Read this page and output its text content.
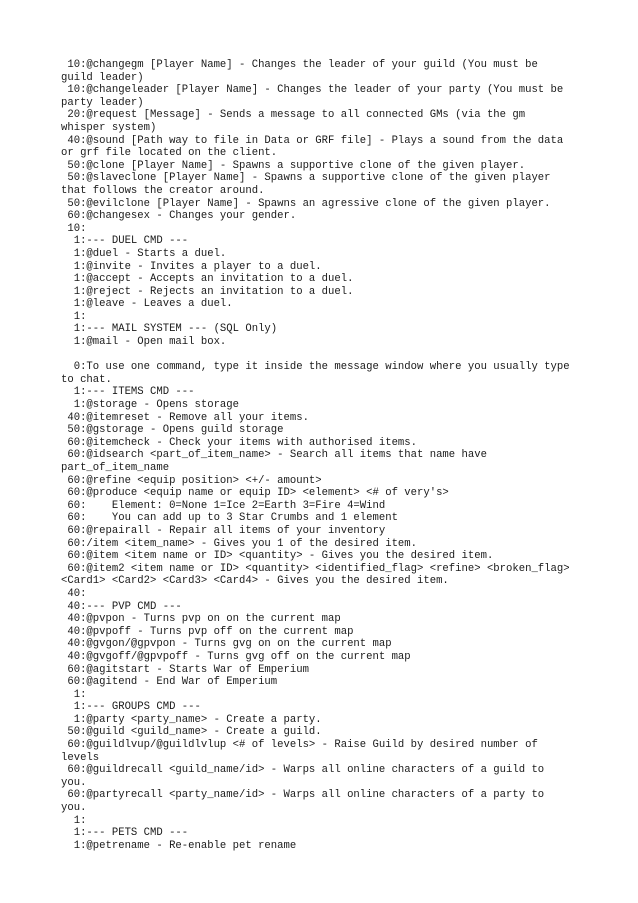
10:@changegm [Player Name] - Changes the leader of your guild (You must be
guild leader)
10:@changeleader [Player Name] - Changes the leader of your party (You must be
party leader)
20:@request [Message] - Sends a message to all connected GMs (via the gm
whisper system)
40:@sound [Path way to file in Data or GRF file] - Plays a sound from the data
or grf file located on the client.
50:@clone [Player Name] - Spawns a supportive clone of the given player.
50:@slaveclone [Player Name] - Spawns a supportive clone of the given player
that follows the creator around.
50:@evilclone [Player Name] - Spawns an agressive clone of the given player.
60:@changesex - Changes your gender.
10:
1:--- DUEL CMD ---
1:@duel - Starts a duel.
1:@invite - Invites a player to a duel.
1:@accept - Accepts an invitation to a duel.
1:@reject - Rejects an invitation to a duel.
1:@leave - Leaves a duel.
1:
1:--- MAIL SYSTEM --- (SQL Only)
1:@mail - Open mail box.
0:To use one command, type it inside the message window where you usually type
to chat.
1:--- ITEMS CMD ---
1:@storage - Opens storage
40:@itemreset - Remove all your items.
50:@gstorage - Opens guild storage
60:@itemcheck - Check your items with authorised items.
60:@idsearch <part_of_item_name> - Search all items that name have
part_of_item_name
60:@refine <equip position> <+/- amount>
60:@produce <equip name or equip ID> <element> <# of very's>
60:    Element: 0=None 1=Ice 2=Earth 3=Fire 4=Wind
60:    You can add up to 3 Star Crumbs and 1 element
60:@repairall - Repair all items of your inventory
60:/item <item_name> - Gives you 1 of the desired item.
60:@item <item name or ID> <quantity> - Gives you the desired item.
60:@item2 <item name or ID> <quantity> <identified_flag> <refine> <broken_flag>
<Card1> <Card2> <Card3> <Card4> - Gives you the desired item.
40:
40:--- PVP CMD ---
40:@pvpon - Turns pvp on on the current map
40:@pvpoff - Turns pvp off on the current map
40:@gvgon/@gpvpon - Turns gvg on on the current map
40:@gvgoff/@gpvpoff - Turns gvg off on the current map
60:@agitstart - Starts War of Emperium
60:@agitend - End War of Emperium
1:
1:--- GROUPS CMD ---
1:@party <party_name> - Create a party.
50:@guild <guild_name> - Create a guild.
60:@guildlvup/@guildlvlup <# of levels> - Raise Guild by desired number of
levels
60:@guildrecall <guild_name/id> - Warps all online characters of a guild to
you.
60:@partyrecall <party_name/id> - Warps all online characters of a party to
you.
1:
1:--- PETS CMD ---
1:@petrename - Re-enable pet rename
